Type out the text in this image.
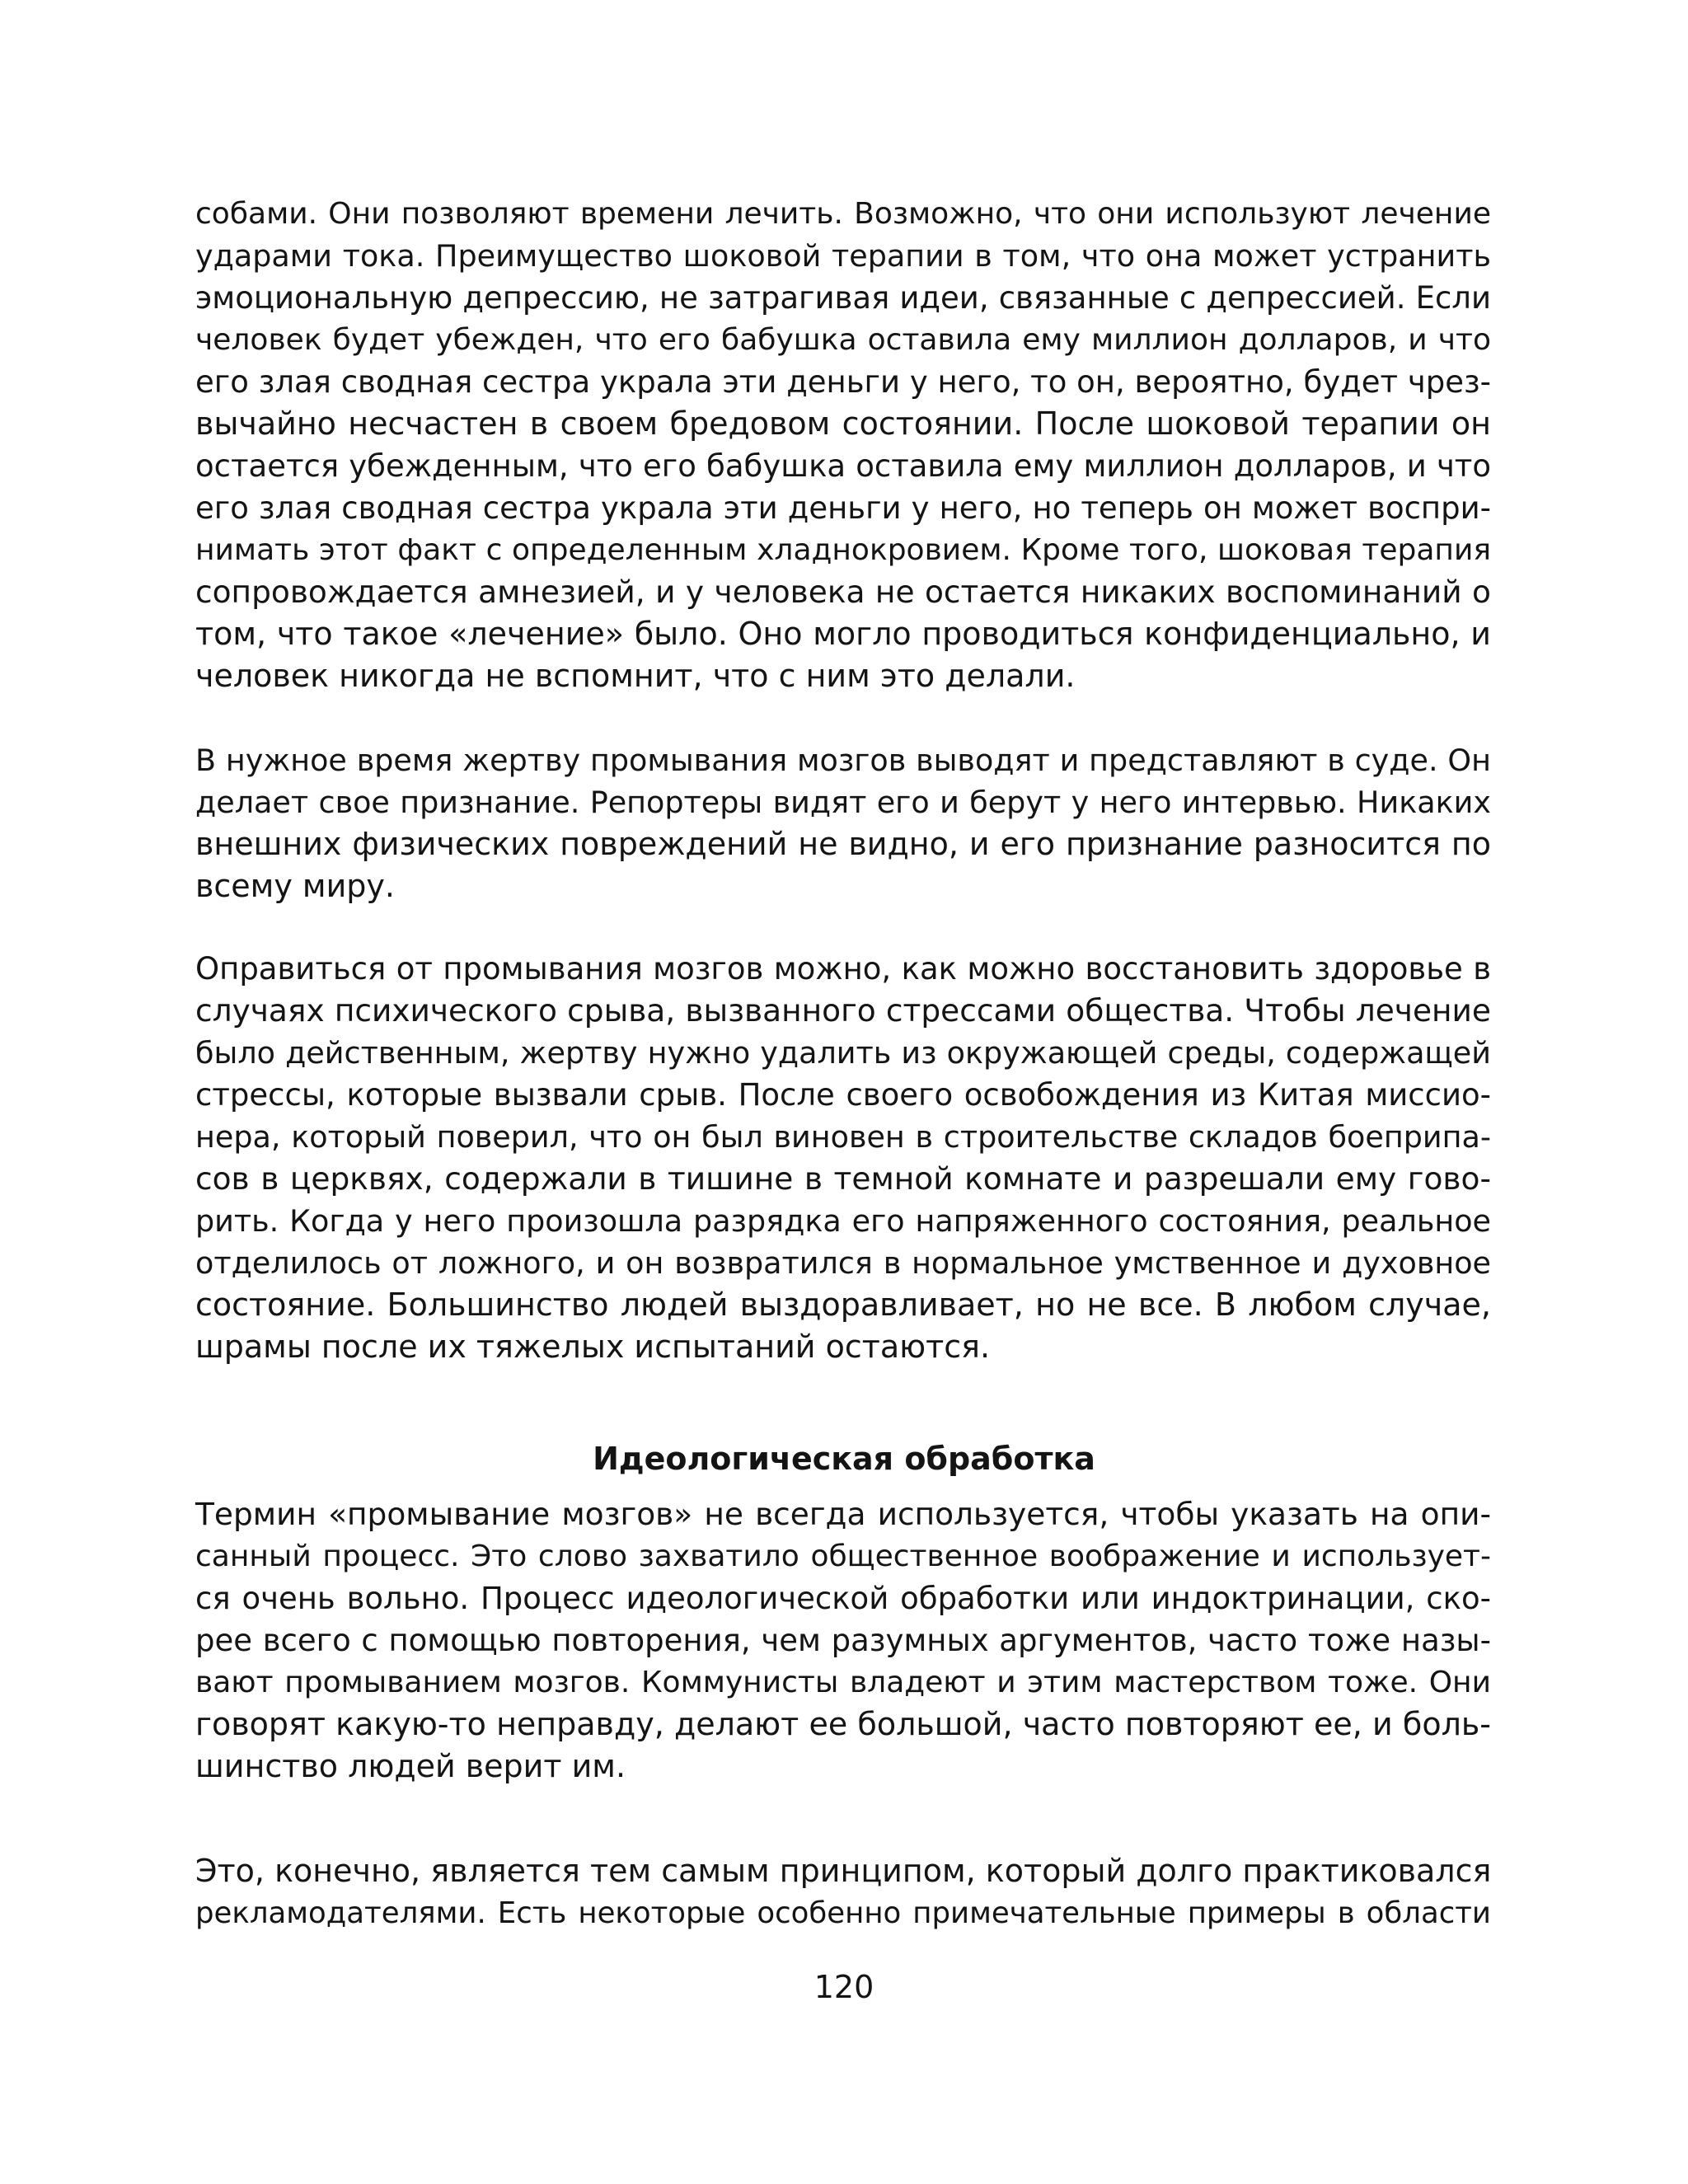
собами. Они позволяют времени лечить. Возможно, что они используют лечение
ударами тока. Преимущество шоковой терапии в том, что она может устранить
эмоциональную депрессию, не затрагивая идеи, связанные с депрессией. Если
человек будет убежден, что его бабушка оставила ему миллион долларов, и что
его злая сводная сестра украла эти деньги у него, то он, вероятно, будет чрез-
вычайно несчастен в своем бредовом состоянии. После шоковой терапии он
остается убежденным, что его бабушка оставила ему миллион долларов, и что
его злая сводная сестра украла эти деньги у него, но теперь он может воспри-
нимать этот факт с определенным хладнокровием. Кроме того, шоковая терапия
сопровождается амнезией, и у человека не остается никаких воспоминаний о
том, что такое «лечение» было. Оно могло проводиться конфиденциально, и
человек никогда не вспомнит, что с ним это делали.
В нужное время жертву промывания мозгов выводят и представляют в суде. Он
делает свое признание. Репортеры видят его и берут у него интервью. Никаких
внешних физических повреждений не видно, и его признание разносится по
всему миру.
Оправиться от промывания мозгов можно, как можно восстановить здоровье в
случаях психического срыва, вызванного стрессами общества. Чтобы лечение
было действенным, жертву нужно удалить из окружающей среды, содержащей
стрессы, которые вызвали срыв. После своего освобождения из Китая миссио-
нера, который поверил, что он был виновен в строительстве складов боеприпа-
сов в церквях, содержали в тишине в темной комнате и разрешали ему гово-
рить. Когда у него произошла разрядка его напряженного состояния, реальное
отделилось от ложного, и он возвратился в нормальное умственное и духовное
состояние. Большинство людей выздоравливает, но не все. В любом случае,
шрамы после их тяжелых испытаний остаются.
Идеологическая обработка
Термин «промывание мозгов» не всегда используется, чтобы указать на опи-
санный процесс. Это слово захватило общественное воображение и использует-
ся очень вольно. Процесс идеологической обработки или индоктринации, ско-
рее всего с помощью повторения, чем разумных аргументов, часто тоже назы-
вают промыванием мозгов. Коммунисты владеют и этим мастерством тоже. Они
говорят какую-то неправду, делают ее большой, часто повторяют ее, и боль-
шинство людей верит им.
Это, конечно, является тем самым принципом, который долго практиковался
рекламодателями. Есть некоторые особенно примечательные примеры в области
120
